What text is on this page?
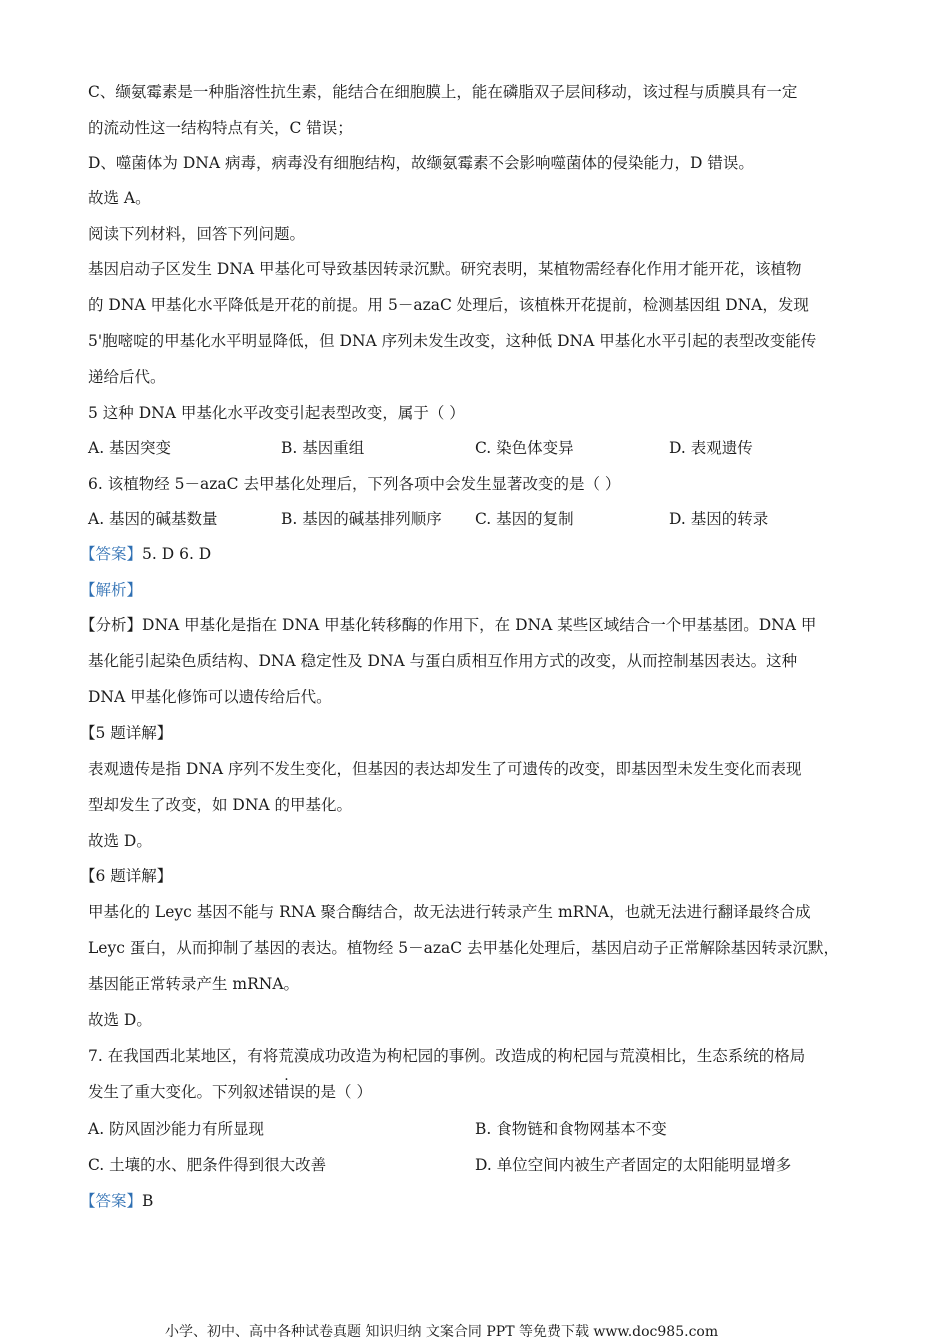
C、缬氨霉素是一种脂溶性抗生素，能结合在细胞膜上，能在磷脂双子层间移动，该过程与质膜具有一定
的流动性这一结构特点有关，C 错误；
D、噬菌体为 DNA 病毒，病毒没有细胞结构，故缬氨霉素不会影响噬菌体的侵染能力，D 错误。
故选 A。
阅读下列材料，回答下列问题。
基因启动子区发生 DNA 甲基化可导致基因转录沉默。研究表明，某植物需经春化作用才能开花，该植物
的 DNA 甲基化水平降低是开花的前提。用 5－azaC 处理后，该植株开花提前，检测基因组 DNA，发现
5'胞嘧啶的甲基化水平明显降低，但 DNA 序列未发生改变，这种低 DNA 甲基化水平引起的表型改变能传
递给后代。
5 这种 DNA 甲基化水平改变引起表型改变，属于（ ）
A. 基因突变	B. 基因重组	C. 染色体变异	D. 表观遗传
6. 该植物经 5－azaC 去甲基化处理后，下列各项中会发生显著改变的是（ ）
A. 基因的碱基数量	B. 基因的碱基排列顺序 C. 基因的复制	D. 基因的转录
【答案】5. D 6. D
【解析】
【分析】DNA 甲基化是指在 DNA 甲基化转移酶的作用下，在 DNA 某些区域结合一个甲基基团。DNA 甲
基化能引起染色质结构、DNA 稳定性及 DNA 与蛋白质相互作用方式的改变，从而控制基因表达。这种
DNA 甲基化修饰可以遗传给后代。
【5 题详解】
表观遗传是指 DNA 序列不发生变化，但基因的表达却发生了可遗传的改变，即基因型未发生变化而表现
型却发生了改变，如 DNA 的甲基化。
故选 D。
【6 题详解】
甲基化的 Leyc 基因不能与 RNA 聚合酶结合，故无法进行转录产生 mRNA，也就无法进行翻译最终合成
Leyc 蛋白，从而抑制了基因的表达。植物经 5－azaC 去甲基化处理后，基因启动子正常解除基因转录沉默，
基因能正常转录产生 mRNA。
故选 D。
7. 在我国西北某地区，有将荒漠成功改造为枸杞园的事例。改造成的枸杞园与荒漠相比，生态系统的格局
发生了重大变化。下列叙述错误的是（ ）
A. 防风固沙能力有所显现	B. 食物链和食物网基本不变
C. 土壤的水、肥条件得到很大改善	D. 单位空间内被生产者固定的太阳能明显增多
【答案】B
小学、初中、高中各种试卷真题 知识归纳 文案合同 PPT 等免费下载 www.doc985.com
